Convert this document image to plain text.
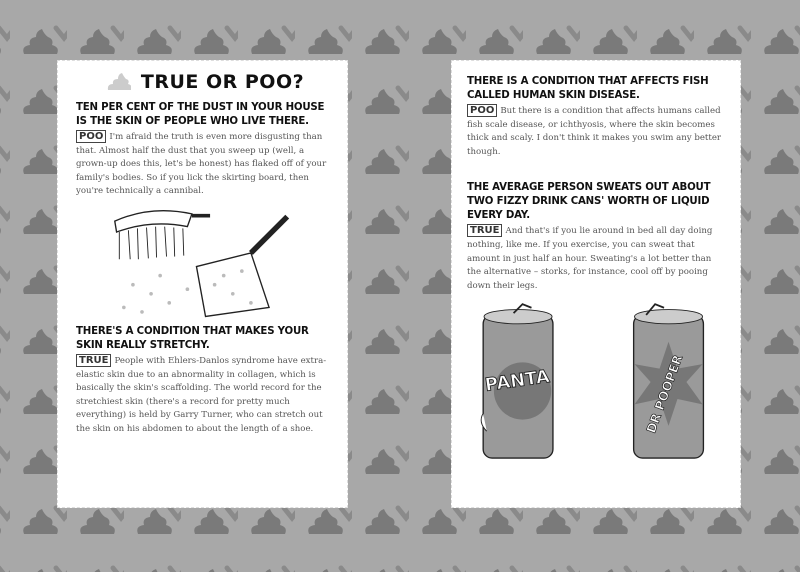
TRUE OR POO?
TEN PER CENT OF THE DUST IN YOUR HOUSE IS THE SKIN OF PEOPLE WHO LIVE THERE.
POO I'm afraid the truth is even more disgusting than that. Almost half the dust that you sweep up (well, a grown-up does this, let's be honest) has flaked off of your family's bodies. So if you lick the skirting board, then you're technically a cannibal.
THERE'S A CONDITION THAT MAKES YOUR SKIN REALLY STRETCHY.
TRUE People with Ehlers-Danlos syndrome have extra-elastic skin due to an abnormality in collagen, which is basically the skin's scaffolding. The world record for the stretchiest skin (there's a record for pretty much everything) is held by Garry Turner, who can stretch out the skin on his abdomen to about the length of a shoe.
THERE IS A CONDITION THAT AFFECTS FISH CALLED HUMAN SKIN DISEASE.
POO But there is a condition that affects humans called fish scale disease, or ichthyosis, where the skin becomes thick and scaly. I don't think it makes you swim any better though.
THE AVERAGE PERSON SWEATS OUT ABOUT TWO FIZZY DRINK CANS' WORTH OF LIQUID EVERY DAY.
TRUE And that's if you lie around in bed all day doing nothing, like me. If you exercise, you can sweat that amount in just half an hour. Sweating's a lot better than the alternative – storks, for instance, cool off by pooing down their legs.
PANTA	DR POOPER
